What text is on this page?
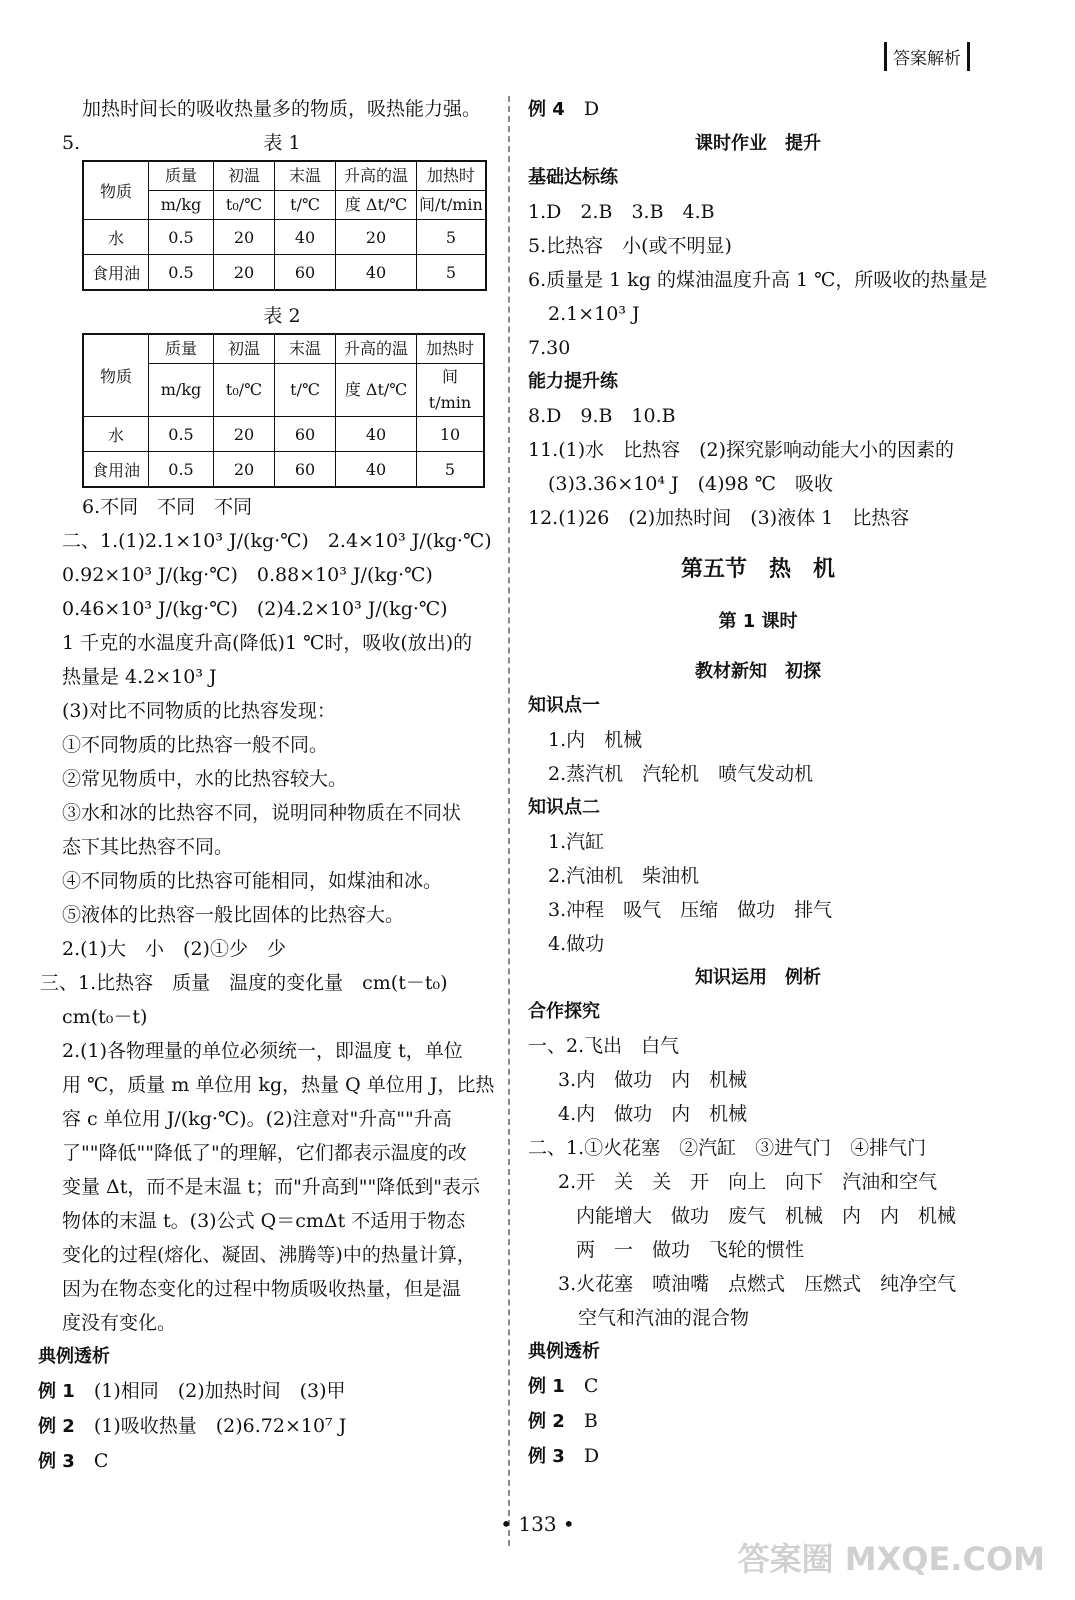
答案解析
加热时间长的吸收热量多的物质，吸热能力强。
5.	表 1
物质	质量	初温	末温	升高的温	加热时
	m/kg	t₀/℃	t/℃	度 Δt/℃	间/t/min
水	0.5	20	40	20	5
食用油	0.5	20	60	40	5
表 2
物质	质量	初温	末温	升高的温	加热时
	m/kg	t₀/℃	t/℃	度 Δt/℃	间 t/min
水	0.5	20	60	40	10
食用油	0.5	20	60	40	5
6.不同　不同　不同
二、1.(1)2.1×10³ J/(kg·℃)　2.4×10³ J/(kg·℃)
0.92×10³ J/(kg·℃)　0.88×10³ J/(kg·℃)
0.46×10³ J/(kg·℃)　(2)4.2×10³ J/(kg·℃)
1 千克的水温度升高(降低)1 ℃时，吸收(放出)的
热量是 4.2×10³ J
(3)对比不同物质的比热容发现：
①不同物质的比热容一般不同。
②常见物质中，水的比热容较大。
③水和冰的比热容不同，说明同种物质在不同状
态下其比热容不同。
④不同物质的比热容可能相同，如煤油和冰。
⑤液体的比热容一般比固体的比热容大。
2.(1)大　小　(2)①少　少
三、1.比热容　质量　温度的变化量　cm(t－t₀)
cm(t₀－t)
2.(1)各物理量的单位必须统一，即温度 t，单位
用 ℃，质量 m 单位用 kg，热量 Q 单位用 J，比热
容 c 单位用 J/(kg·℃)。(2)注意对"升高""升高
了""降低""降低了"的理解，它们都表示温度的改
变量 Δt，而不是末温 t；而"升高到""降低到"表示
物体的末温 t。(3)公式 Q＝cmΔt 不适用于物态
变化的过程(熔化、凝固、沸腾等)中的热量计算，
因为在物态变化的过程中物质吸收热量，但是温
度没有变化。
典例透析
例 1　 (1)相同　(2)加热时间　(3)甲
例 2　 (1)吸收热量　(2)6.72×10⁷ J
例 3　 C
例 4　 D
课时作业　提升
基础达标练
1.D　2.B　3.B　4.B
5.比热容　小(或不明显)
6.质量是 1 kg 的煤油温度升高 1 ℃，所吸收的热量是
2.1×10³ J
7.30
能力提升练
8.D　9.B　10.B
11.(1)水　比热容　(2)探究影响动能大小的因素的
(3)3.36×10⁴ J　(4)98 ℃　吸收
12.(1)26　(2)加热时间　(3)液体 1　比热容
第五节　热　机
第 1 课时
教材新知　初探
知识点一
1.内　机械
2.蒸汽机　汽轮机　喷气发动机
知识点二
1.汽缸
2.汽油机　柴油机
3.冲程　吸气　压缩　做功　排气
4.做功
知识运用　例析
合作探究
一、2.飞出　白气
3.内　做功　内　机械
4.内　做功　内　机械
二、1.①火花塞　②汽缸　③进气门　④排气门
2.开　关　关　开　向上　向下　汽油和空气
内能增大　做功　废气　机械　内　内　机械
两　一　做功　飞轮的惯性
3.火花塞　喷油嘴　点燃式　压燃式　纯净空气
空气和汽油的混合物
典例透析
例 1　 C
例 2　 B
例 3　 D
• 133 •
答案圈 MXQE.COM
